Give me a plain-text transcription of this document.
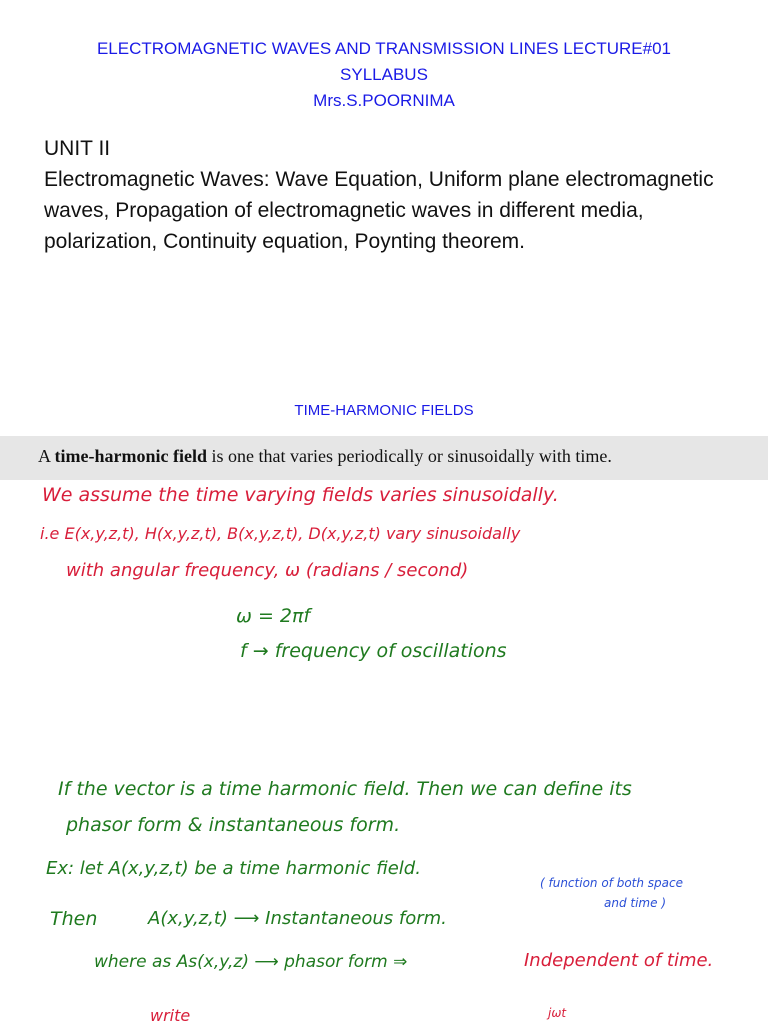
ELECTROMAGNETIC WAVES AND TRANSMISSION LINES LECTURE#01
SYLLABUS
Mrs.S.POORNIMA
UNIT II

Electromagnetic Waves: Wave Equation, Uniform plane electromagnetic waves, Propagation of electromagnetic waves in different media, polarization, Continuity equation, Poynting theorem.

TIME-HARMONIC FIELDS
A time-harmonic field is one that varies periodically or sinusoidally with time.
We assume the time varying fields varies sinusoidally.
i.e E(x,y,z,t), H(x,y,z,t), B(x,y,z,t), D(x,y,z,t) vary sinusoidally
with angular frequency, ω (radians / second)
ω = 2πf
f → frequency of oscillations
If the vector is a time harmonic field. Then we can define its
phasor form & instantaneous form.
Ex: let A(x,y,z,t) be a time harmonic field.
Then	A(x,y,z,t) ⟶ Instantaneous form.
( function of both space
and time )
where as As(x,y,z) ⟶ phasor form ⇒	Independent of time.
write	jωt
